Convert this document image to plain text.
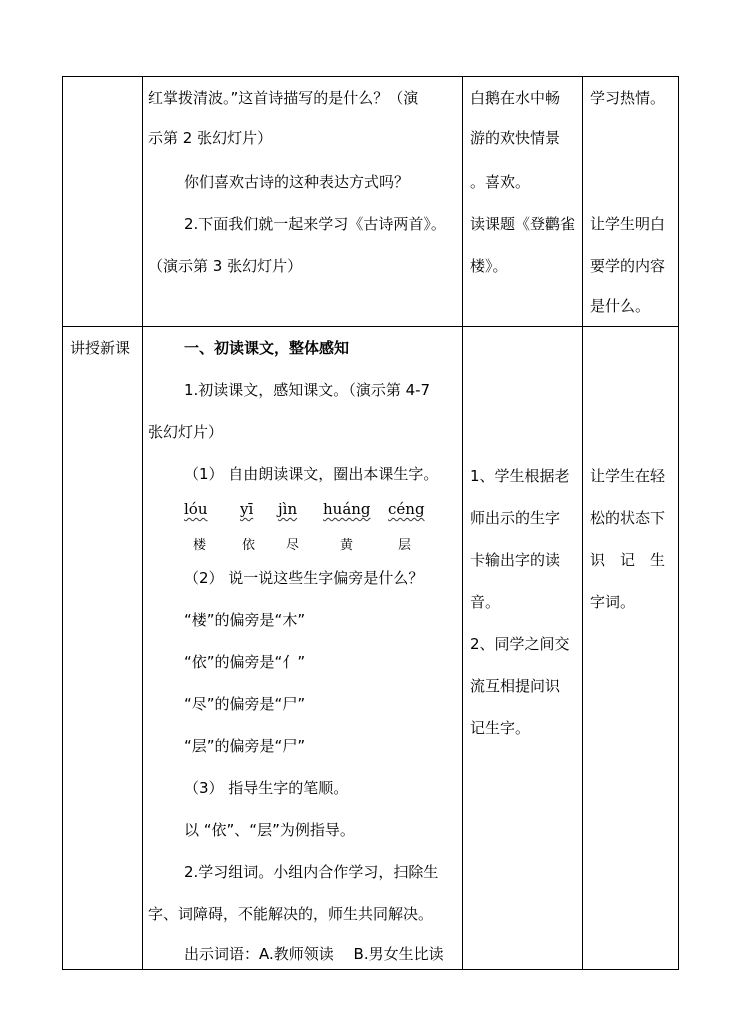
红掌拨清波。”这首诗描写的是什么？（演
示第 2 张幻灯片）
你们喜欢古诗的这种表达方式吗？
2.下面我们就一起来学习《古诗两首》。
（演示第 3 张幻灯片）
白鹅在水中畅
游的欢快情景
。喜欢。
读课题《登鹳雀
楼》。
学习热情。
让学生明白
要学的内容
是什么。
讲授新课	一、初读课文，整体感知
1.初读课文，感知课文。（演示第 4-7
张幻灯片）
（1） 自由朗读课文，圈出本课生字。
lóu
楼
yī
依
jìn
尽
huáng
黄
céng
层
（2） 说一说这些生字偏旁是什么？
“楼”的偏旁是“木”
“依”的偏旁是“亻”
“尽”的偏旁是“尸”
“层”的偏旁是“尸”
（3） 指导生字的笔顺。
以 “依”、“层”为例指导。
2.学习组词。小组内合作学习，扫除生
字、词障碍，不能解决的，师生共同解决。
出示词语：A.教师领读　 B.男女生比读
1、学生根据老
师出示的生字
卡输出字的读
音。
2、同学之间交
流互相提问识
记生字。
让学生在轻
松的状态下
识　记　生
字词。
